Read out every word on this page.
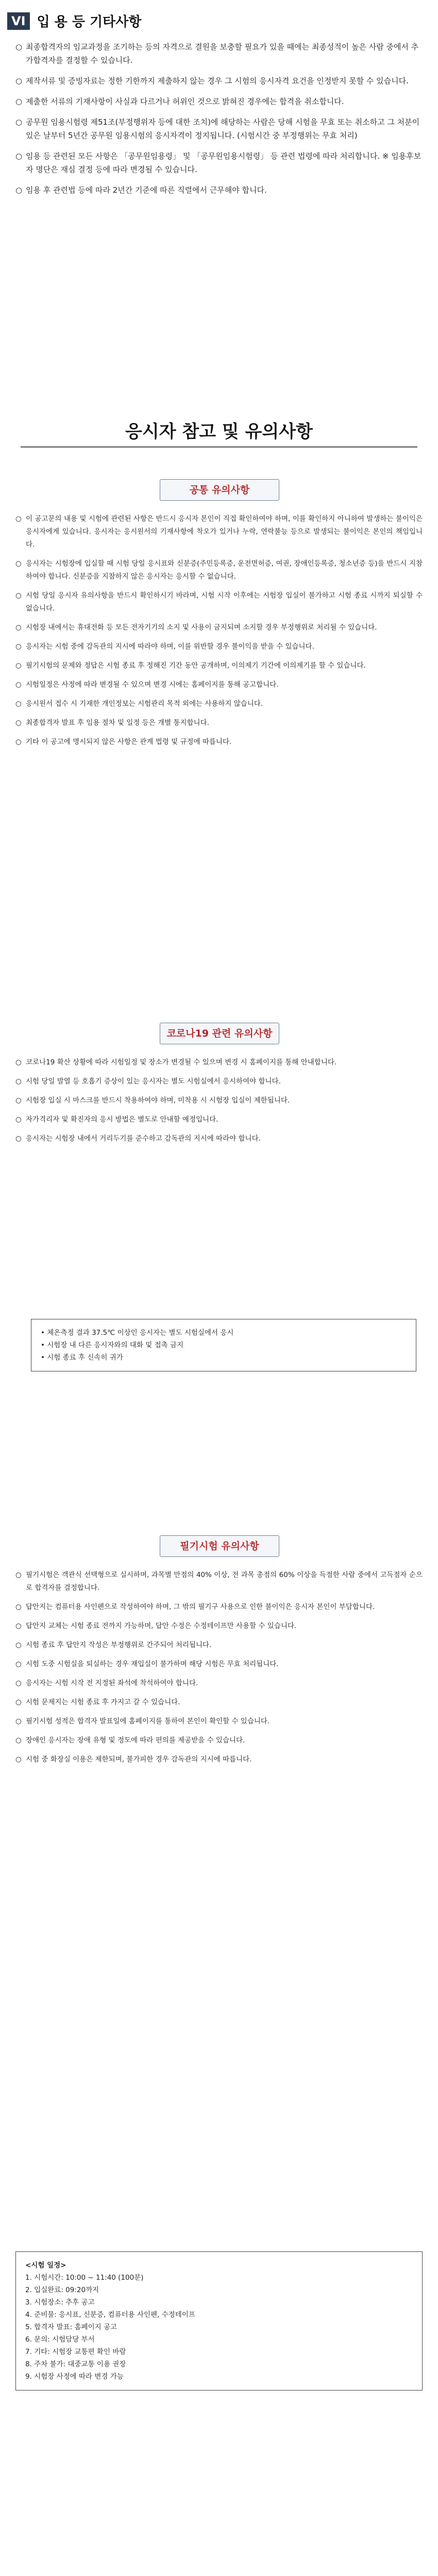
VI 입 용 등 기타사항

○ 최종합격자의 임교과정을 조기하는 등의 자격으로 결원을 보충할 필요가 있을 때에는 최종성적이 높은 사람 중에서 추가합격자를 결정할 수 있습니다.

○ 제작서류 및 증빙자료는 정한 기한까지 제출하지 않는 경우 그 시험의 응시자격 요건을 인정받지 못할 수 있습니다.

○ 제출한 서류의 기재사항이 사실과 다르거나 허위인 것으로 밝혀진 경우에는 합격을 취소합니다.

○ 공무원 임용시험령 제51조(부정행위자 등에 대한 조치)에 해당하는 사람은 당해 시험을 무효 또는 취소하고 그 처분이 있은 날부터 5년간 공무원 임용시험의 응시자격이 정지됩니다. (시험시간 중 부정행위는 무효 처리)

○ 임용 등 관련된 모든 사항은 「공무원임용령」 및 「공무원임용시험령」 등 관련 법령에 따라 처리합니다. ※ 임용후보자 명단은 재심 결정 등에 따라 변경될 수 있습니다.

○ 임용 후 관련법 등에 따라 2년간 기준에 따른 직렬에서 근무해야 합니다.

응시자 참고 및 유의사항
공통 유의사항

○ 이 공고문의 내용 및 시험에 관련된 사항은 반드시 응시자 본인이 직접 확인하여야 하며, 이를 확인하지 아니하여 발생하는 불이익은 응시자에게 있습니다. 응시자는 응시원서의 기재사항에 착오가 있거나 누락, 연락불능 등으로 발생되는 불이익은 본인의 책임입니다.

○ 응시자는 시험장에 입실할 때 시험 당일 응시표와 신분증(주민등록증, 운전면허증, 여권, 장애인등록증, 청소년증 등)을 반드시 지참하여야 합니다. 신분증을 지참하지 않은 응시자는 응시할 수 없습니다.

○ 시험 당일 응시자 유의사항을 반드시 확인하시기 바라며, 시험 시작 이후에는 시험장 입실이 불가하고 시험 종료 시까지 퇴실할 수 없습니다.

○ 시험장 내에서는 휴대전화 등 모든 전자기기의 소지 및 사용이 금지되며 소지할 경우 부정행위로 처리될 수 있습니다.

○ 응시자는 시험 중에 감독관의 지시에 따라야 하며, 이를 위반할 경우 불이익을 받을 수 있습니다.

○ 필기시험의 문제와 정답은 시험 종료 후 정해진 기간 동안 공개하며, 이의제기 기간에 이의제기를 할 수 있습니다.

○ 시험일정은 사정에 따라 변경될 수 있으며 변경 시에는 홈페이지를 통해 공고합니다.

○ 응시원서 접수 시 기재한 개인정보는 시험관리 목적 외에는 사용하지 않습니다.

○ 최종합격자 발표 후 임용 절차 및 일정 등은 개별 통지합니다.

○ 기타 이 공고에 명시되지 않은 사항은 관계 법령 및 규정에 따릅니다.

코로나19 관련 유의사항

○ 코로나19 확산 상황에 따라 시험일정 및 장소가 변경될 수 있으며 변경 시 홈페이지를 통해 안내합니다.

○ 시험 당일 발열 등 호흡기 증상이 있는 응시자는 별도 시험실에서 응시하여야 합니다.

○ 시험장 입실 시 마스크를 반드시 착용하여야 하며, 미착용 시 시험장 입실이 제한됩니다.

○ 자가격리자 및 확진자의 응시 방법은 별도로 안내할 예정입니다.

○ 응시자는 시험장 내에서 거리두기를 준수하고 감독관의 지시에 따라야 합니다.

• 체온측정 결과 37.5℃ 이상인 응시자는 별도 시험실에서 응시
• 시험장 내 다른 응시자와의 대화 및 접촉 금지
• 시험 종료 후 신속히 귀가
필기시험 유의사항

○ 필기시험은 객관식 선택형으로 실시하며, 과목별 만점의 40% 이상, 전 과목 총점의 60% 이상을 득점한 사람 중에서 고득점자 순으로 합격자를 결정합니다.

○ 답안지는 컴퓨터용 사인펜으로 작성하여야 하며, 그 밖의 필기구 사용으로 인한 불이익은 응시자 본인이 부담합니다.

○ 답안지 교체는 시험 종료 전까지 가능하며, 답안 수정은 수정테이프만 사용할 수 있습니다.

○ 시험 종료 후 답안지 작성은 부정행위로 간주되어 처리됩니다.

○ 시험 도중 시험실을 퇴실하는 경우 재입실이 불가하며 해당 시험은 무효 처리됩니다.

○ 응시자는 시험 시작 전 지정된 좌석에 착석하여야 합니다.

○ 시험 문제지는 시험 종료 후 가지고 갈 수 있습니다.

○ 필기시험 성적은 합격자 발표일에 홈페이지를 통하여 본인이 확인할 수 있습니다.

○ 장애인 응시자는 장애 유형 및 정도에 따라 편의를 제공받을 수 있습니다.

○ 시험 중 화장실 이용은 제한되며, 불가피한 경우 감독관의 지시에 따릅니다.

<시험 일정>
1. 시험시간: 10:00 ~ 11:40 (100분)
2. 입실완료: 09:20까지
3. 시험장소: 추후 공고
4. 준비물: 응시표, 신분증, 컴퓨터용 사인펜, 수정테이프
5. 합격자 발표: 홈페이지 공고
6. 문의: 시험담당 부서
7. 기타: 시험장 교통편 확인 바람
8. 주차 불가: 대중교통 이용 권장
9. 시험장 사정에 따라 변경 가능
